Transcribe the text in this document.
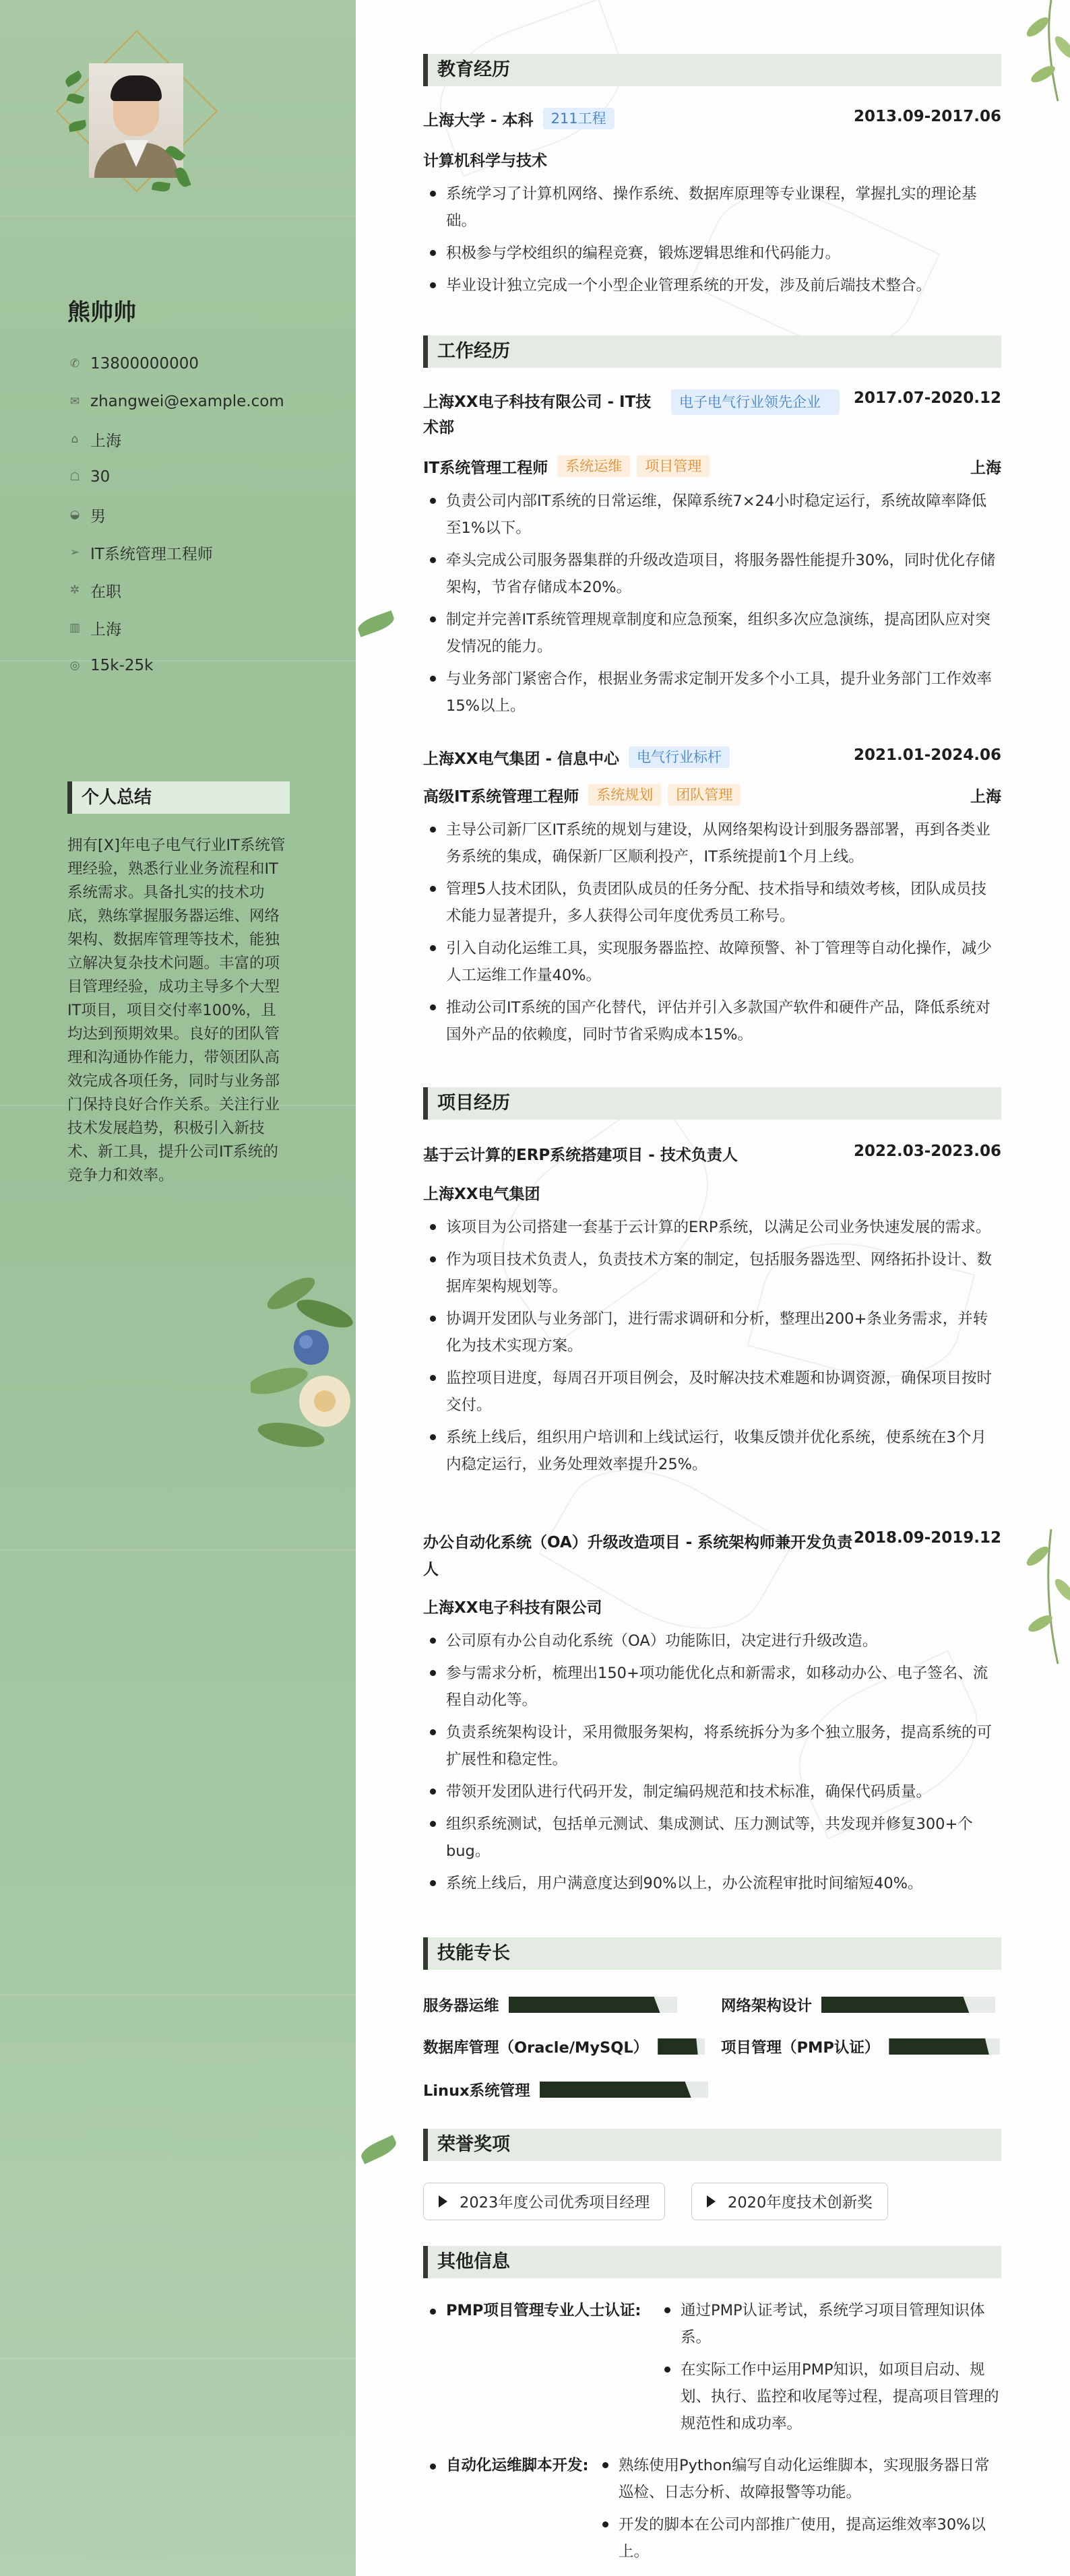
熊帅帅
✆ 13800000000
✉ zhangwei@example.com
⌂ 上海
☖ 30
◒ 男
➢ IT系统管理工程师
✲ 在职
▥ 上海
◎ 15k-25k
个人总结
拥有[X]年电子电气行业IT系统管理经验，熟悉行业业务流程和IT系统需求。具备扎实的技术功底，熟练掌握服务器运维、网络架构、数据库管理等技术，能独立解决复杂技术问题。丰富的项目管理经验，成功主导多个大型IT项目，项目交付率100%，且均达到预期效果。良好的团队管理和沟通协作能力，带领团队高效完成各项任务，同时与业务部门保持良好合作关系。关注行业技术发展趋势，积极引入新技术、新工具，提升公司IT系统的竞争力和效率。
教育经历
上海大学 - 本科 211工程	2013.09-2017.06
计算机科学与技术
系统学习了计算机网络、操作系统、数据库原理等专业课程，掌握扎实的理论基础。
积极参与学校组织的编程竞赛，锻炼逻辑思维和代码能力。
毕业设计独立完成一个小型企业管理系统的开发，涉及前后端技术整合。
工作经历
上海XX电子科技有限公司 - IT技术部
电子电气行业领先企业	2017.07-2020.12
IT系统管理工程师 系统运维 项目管理	上海
负责公司内部IT系统的日常运维，保障系统7×24小时稳定运行，系统故障率降低至1%以下。
牵头完成公司服务器集群的升级改造项目，将服务器性能提升30%，同时优化存储架构，节省存储成本20%。
制定并完善IT系统管理规章制度和应急预案，组织多次应急演练，提高团队应对突发情况的能力。
与业务部门紧密合作，根据业务需求定制开发多个小工具，提升业务部门工作效率15%以上。
上海XX电气集团 - 信息中心 电气行业标杆	2021.01-2024.06
高级IT系统管理工程师 系统规划 团队管理	上海
主导公司新厂区IT系统的规划与建设，从网络架构设计到服务器部署，再到各类业务系统的集成，确保新厂区顺利投产，IT系统提前1个月上线。
管理5人技术团队，负责团队成员的任务分配、技术指导和绩效考核，团队成员技术能力显著提升，多人获得公司年度优秀员工称号。
引入自动化运维工具，实现服务器监控、故障预警、补丁管理等自动化操作，减少人工运维工作量40%。
推动公司IT系统的国产化替代，评估并引入多款国产软件和硬件产品，降低系统对国外产品的依赖度，同时节省采购成本15%。
项目经历
基于云计算的ERP系统搭建项目 - 技术负责人	2022.03-2023.06
上海XX电气集团
该项目为公司搭建一套基于云计算的ERP系统，以满足公司业务快速发展的需求。
作为项目技术负责人，负责技术方案的制定，包括服务器选型、网络拓扑设计、数据库架构规划等。
协调开发团队与业务部门，进行需求调研和分析，整理出200+条业务需求，并转化为技术实现方案。
监控项目进度，每周召开项目例会，及时解决技术难题和协调资源，确保项目按时交付。
系统上线后，组织用户培训和上线试运行，收集反馈并优化系统，使系统在3个月内稳定运行，业务处理效率提升25%。
办公自动化系统（OA）升级改造项目 - 系统架构师兼开发负责人
2018.09-2019.12
上海XX电子科技有限公司
公司原有办公自动化系统（OA）功能陈旧，决定进行升级改造。
参与需求分析，梳理出150+项功能优化点和新需求，如移动办公、电子签名、流程自动化等。
负责系统架构设计，采用微服务架构，将系统拆分为多个独立服务，提高系统的可扩展性和稳定性。
带领开发团队进行代码开发，制定编码规范和技术标准，确保代码质量。
组织系统测试，包括单元测试、集成测试、压力测试等，共发现并修复300+个bug。
系统上线后，用户满意度达到90%以上，办公流程审批时间缩短40%。
技能专长
服务器运维	网络架构设计
数据库管理（Oracle/MySQL）	项目管理（PMP认证）
Linux系统管理
荣誉奖项
2023年度公司优秀项目经理	2020年度技术创新奖
其他信息
PMP项目管理专业人士认证:	通过PMP认证考试，系统学习项目管理知识体系。
在实际工作中运用PMP知识，如项目启动、规划、执行、监控和收尾等过程，提高项目管理的规范性和成功率。
自动化运维脚本开发:	熟练使用Python编写自动化运维脚本，实现服务器日常巡检、日志分析、故障报警等功能。
开发的脚本在公司内部推广使用，提高运维效率30%以上。
